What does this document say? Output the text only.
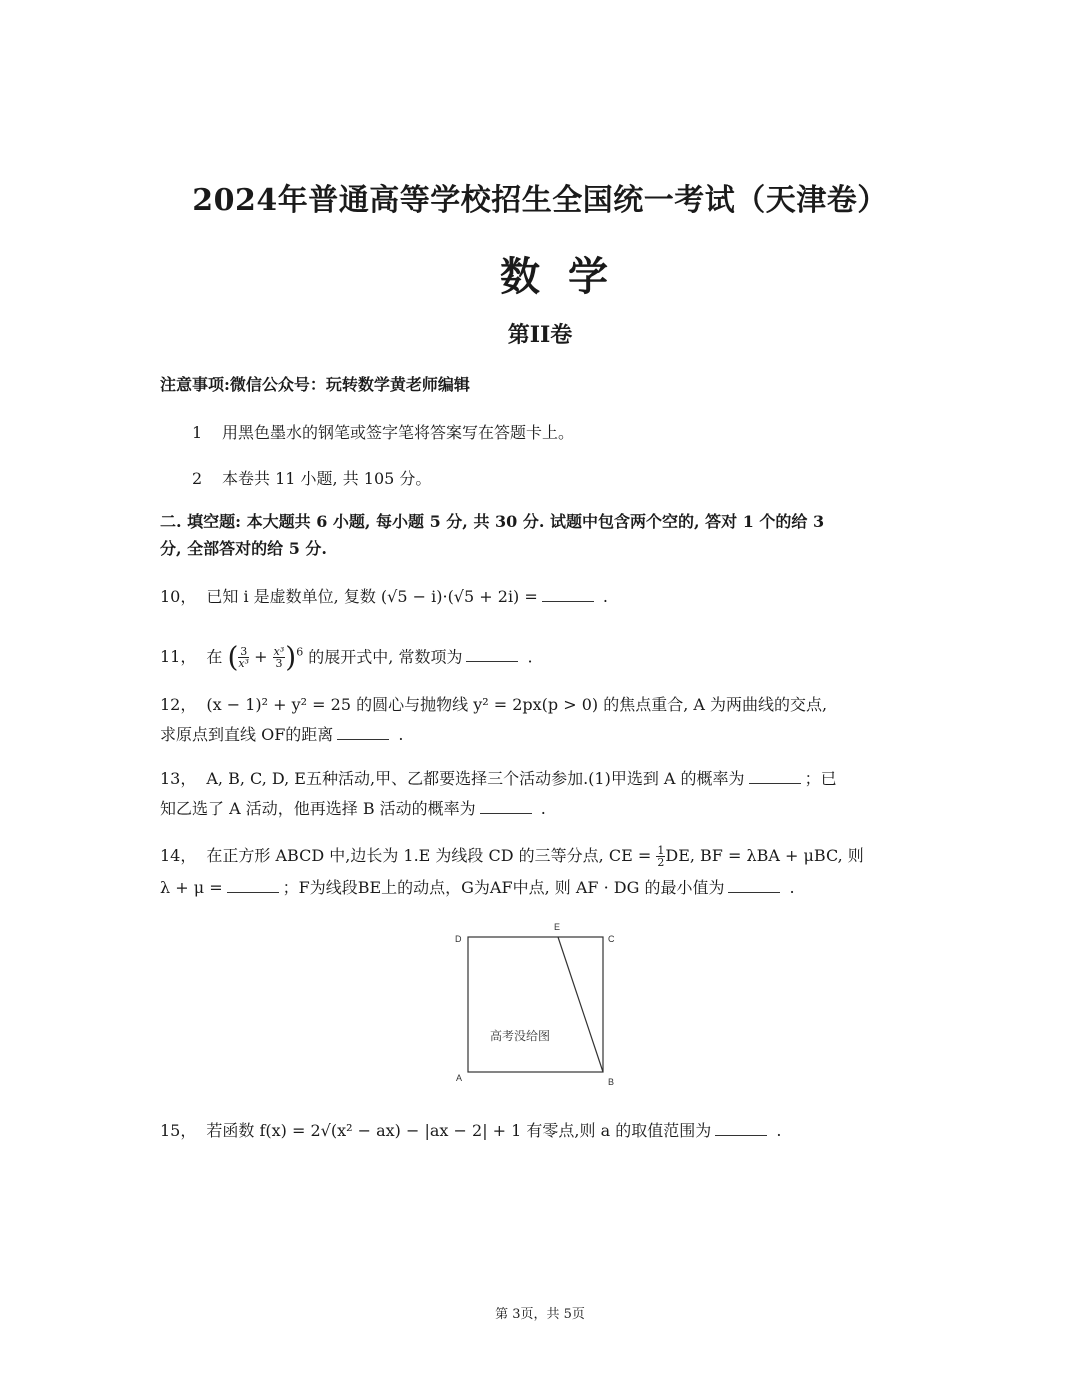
2024年普通高等学校招生全国统一考试（天津卷）
数学
第II卷
注意事项:微信公众号：玩转数学黄老师编辑
1 用黑色墨水的钢笔或签字笔将答案写在答题卡上。
2 本卷共 11 小题, 共 105 分。
二. 填空题: 本大题共 6 小题, 每小题 5 分, 共 30 分. 试题中包含两个空的, 答对 1 个的给 3
分, 全部答对的给 5 分.
10， 已知 i 是虚数单位, 复数 (√5 − i)·(√5 + 2i) =	.
11， 在 ( $\frac{3}{\text{x³}} + \frac{\text{x³}}{3} )^6$ 的展开式中, 常数项为	.
12， (x − 1)² + y² = 25 的圆心与抛物线 y² = 2px(p > 0) 的焦点重合, A 为两曲线的交点,
求原点到直线 OF的距离	.
13， A, B, C, D, E五种活动,甲、乙都要选择三个活动参加.(1)甲选到 A 的概率为	；已
知乙选了 A 活动，他再选择 B 活动的概率为	.
14， 在正方形 ABCD 中,边长为 1.E 为线段 CD 的三等分点, CE = $\frac{1}{2}$ DE, BF = λBA + μBC, 则
λ + μ =	；F为线段BE上的动点，G为AF中点, 则 AF · DG 的最小值为	.
D	C
E
A	B
高考没给图
15， 若函数 f(x) = 2√(x² − ax) − |ax − 2| + 1 有零点,则 a 的取值范围为	.
第 3页，共 5页
